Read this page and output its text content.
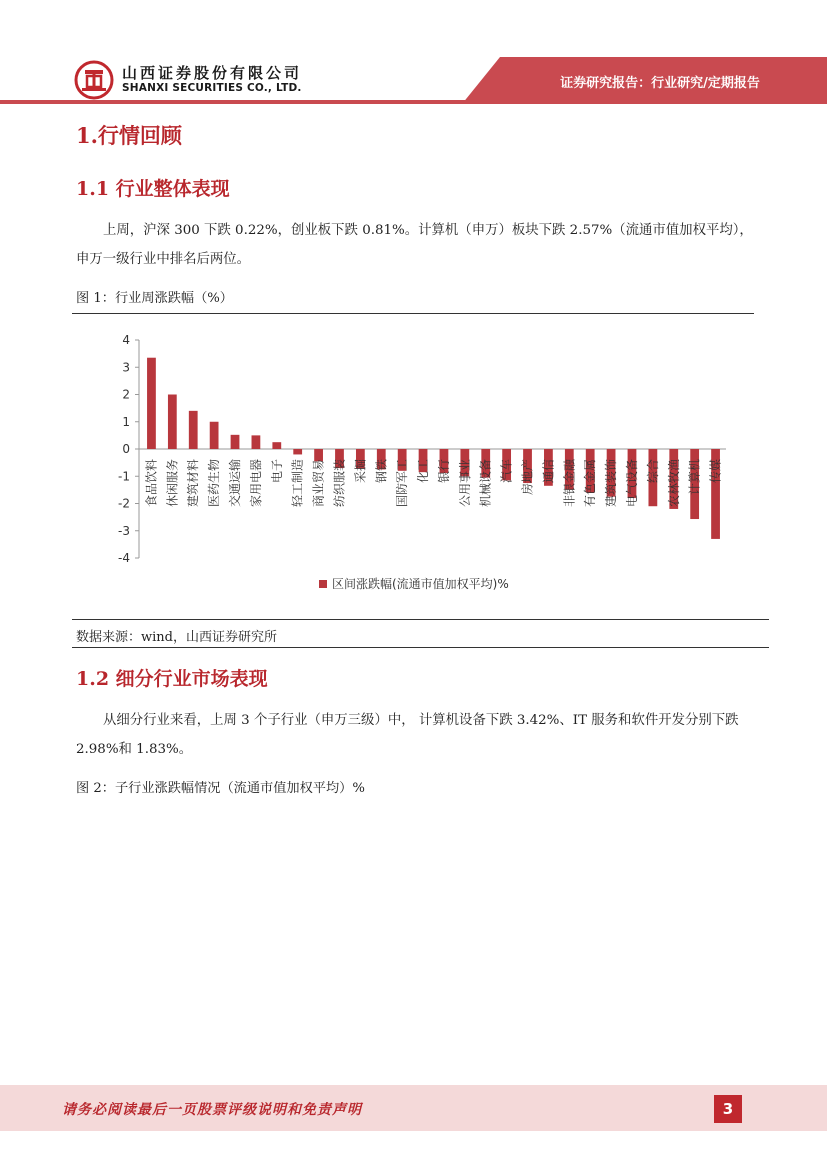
山西证券股份有限公司
SHANXI SECURITIES CO., LTD.	证券研究报告：行业研究/定期报告
1.行情回顾
1.1 行业整体表现
上周，沪深 300 下跌 0.22%，创业板下跌 0.81%。计算机（申万）板块下跌 2.57%（流通市值加权平均），申万一级行业中排名后两位。
图 1：行业周涨跌幅（%）
4
3
2
1
0
-1
-2
-3
-4
食品饮料 休闲服务 建筑材料 医药生物 交通运输 家用电器 电子 轻工制造 商业贸易 纺织服装 采掘 钢铁 国防军工 化工 银行 公用事业 机械设备 汽车 房地产 通信 非银金融 有色金属 建筑装饰 电气设备 综合 农林牧渔 计算机 传媒
区间涨跌幅(流通市值加权平均)%
数据来源：wind，山西证券研究所
1.2 细分行业市场表现
从细分行业来看，上周 3 个子行业（申万三级）中， 计算机设备下跌 3.42%、IT 服务和软件开发分别下跌 2.98%和 1.83%。
图 2：子行业涨跌幅情况（流通市值加权平均）%
请务必阅读最后一页股票评级说明和免责声明	3
